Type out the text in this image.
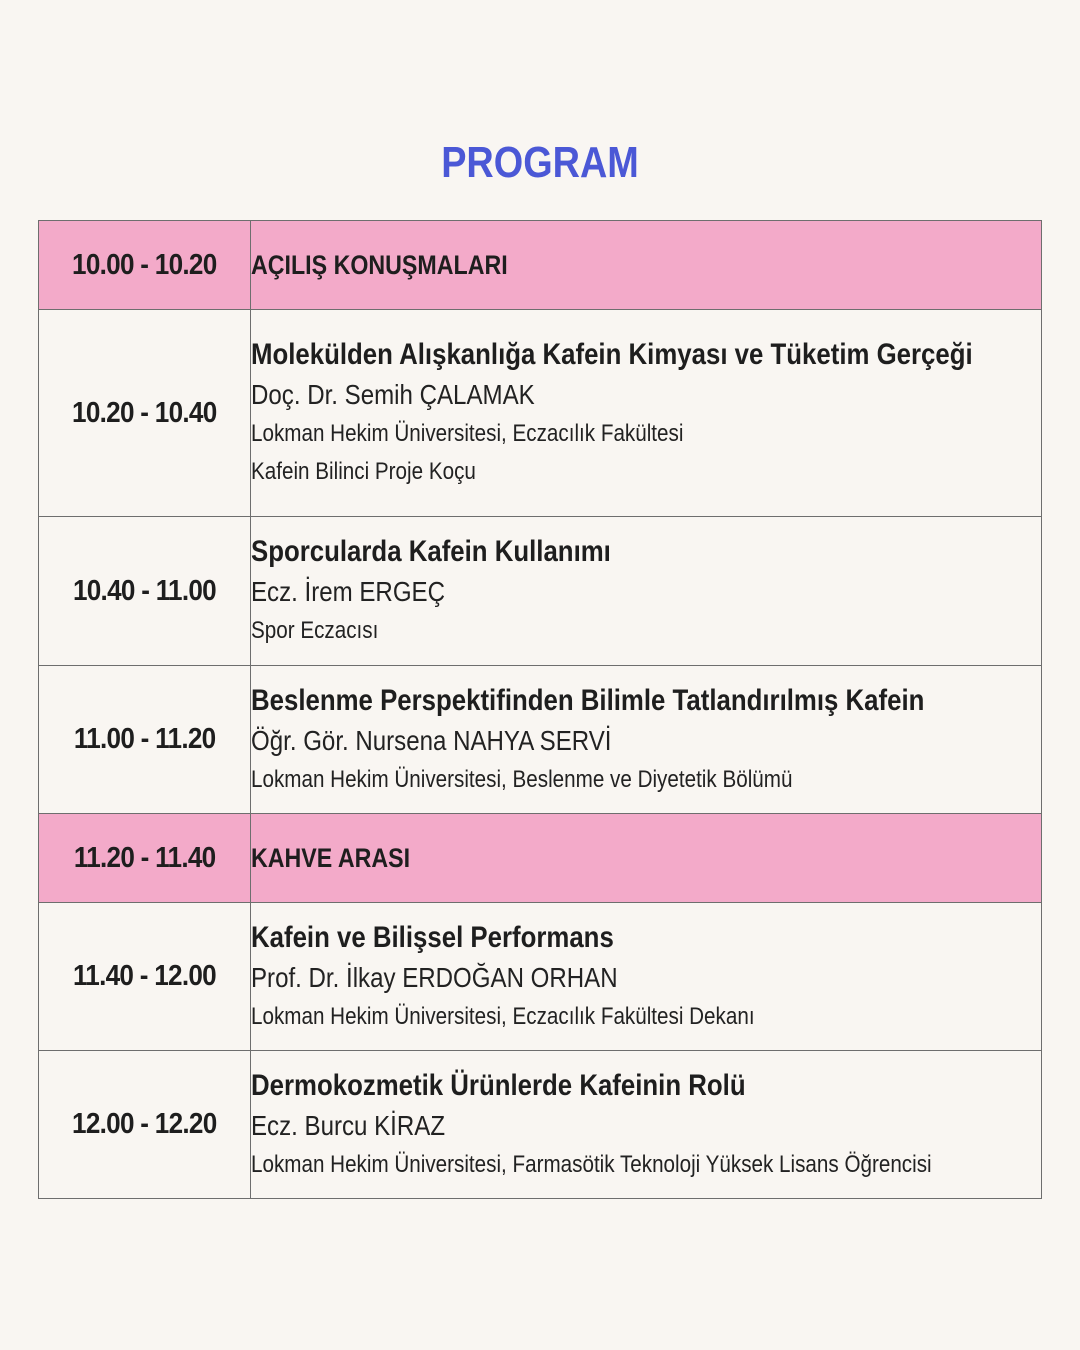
PROGRAM
10.00 - 10.20	AÇILIŞ KONUŞMALARI

10.20 - 10.40	Molekülden Alışkanlığa Kafein Kimyası ve Tüketim Gerçeği
Doç. Dr. Semih ÇALAMAK
Lokman Hekim Üniversitesi, Eczacılık Fakültesi
Kafein Bilinci Proje Koçu

10.40 - 11.00	Sporcularda Kafein Kullanımı
Ecz. İrem ERGEÇ
Spor Eczacısı

11.00 - 11.20	Beslenme Perspektifinden Bilimle Tatlandırılmış Kafein
Öğr. Gör. Nursena NAHYA SERVİ
Lokman Hekim Üniversitesi, Beslenme ve Diyetetik Bölümü

11.20 - 11.40	KAHVE ARASI

11.40 - 12.00	Kafein ve Bilişsel Performans
Prof. Dr. İlkay ERDOĞAN ORHAN
Lokman Hekim Üniversitesi, Eczacılık Fakültesi Dekanı

12.00 - 12.20	Dermokozmetik Ürünlerde Kafeinin Rolü
Ecz. Burcu KİRAZ
Lokman Hekim Üniversitesi, Farmasötik Teknoloji Yüksek Lisans Öğrencisi
